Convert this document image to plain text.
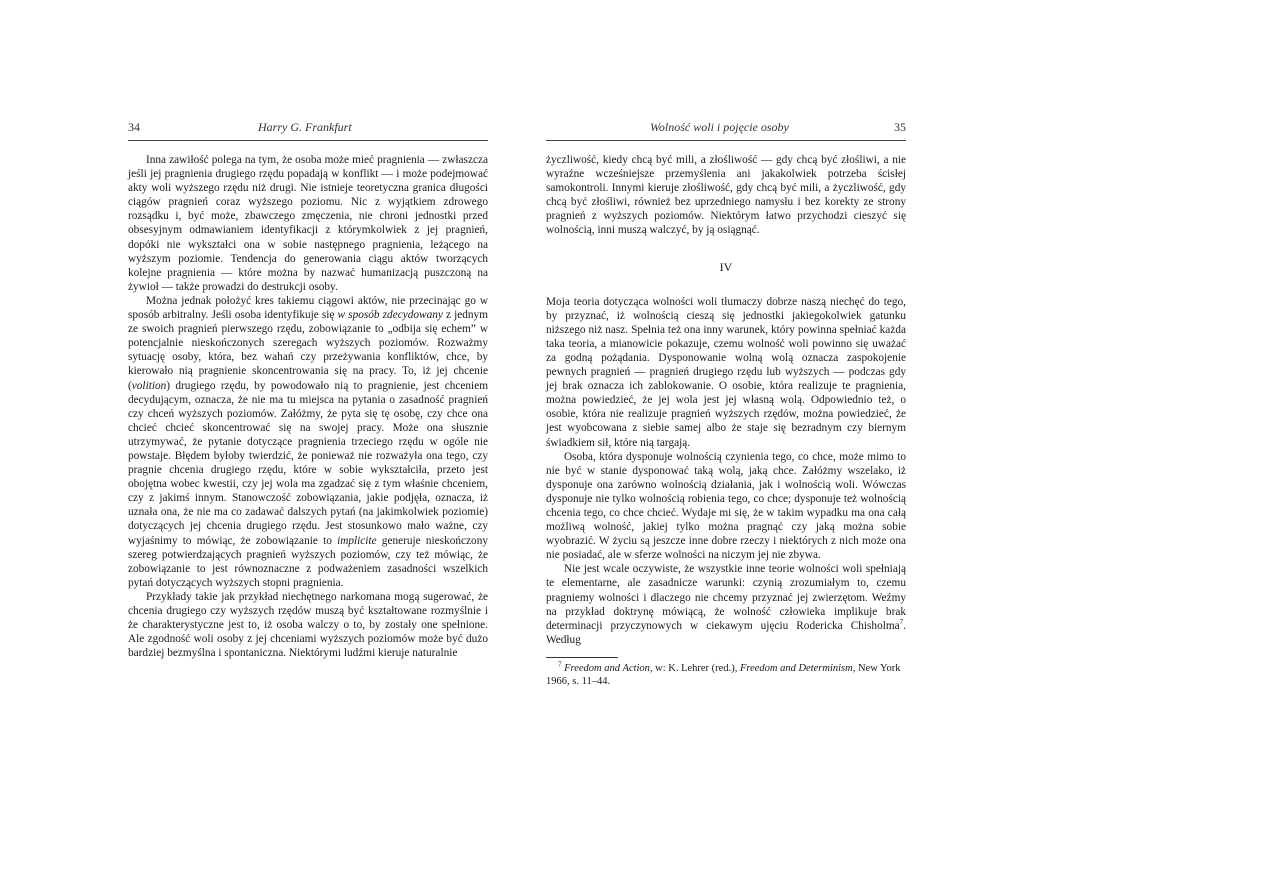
34	Harry G. Frankfurt

Inna zawiłość polega na tym, że osoba może mieć pragnienia — zwłaszcza jeśli jej pragnienia drugiego rzędu popadają w konflikt — i może podejmować akty woli wyższego rzędu niż drugi. Nie istnieje teoretyczna granica długości ciągów pragnień coraz wyższego poziomu. Nic z wyjątkiem zdrowego rozsądku i, być może, zbawczego zmęczenia, nie chroni jednostki przed obsesyjnym odmawianiem identyfikacji z którymkolwiek z jej pragnień, dopóki nie wykształci ona w sobie następnego pragnienia, leżącego na wyższym poziomie. Tendencja do generowania ciągu aktów tworzących kolejne pragnienia — które można by nazwać humanizacją puszczoną na żywioł — także prowadzi do destrukcji osoby.

Można jednak położyć kres takiemu ciągowi aktów, nie przecinając go w sposób arbitralny. Jeśli osoba identyfikuje się w sposób zdecydowany z jednym ze swoich pragnień pierwszego rzędu, zobowiązanie to „odbija się echem” w potencjalnie nieskończonych szeregach wyższych poziomów. Rozważmy sytuację osoby, która, bez wahań czy przeżywania konfliktów, chce, by kierowało nią pragnienie skoncentrowania się na pracy. To, iż jej chcenie (volition) drugiego rzędu, by powodowało nią to pragnienie, jest chceniem decydującym, oznacza, że nie ma tu miejsca na pytania o zasadność pragnień czy chceń wyższych poziomów. Załóżmy, że pyta się tę osobę, czy chce ona chcieć chcieć skoncentrować się na swojej pracy. Może ona słusznie utrzymywać, że pytanie dotyczące pragnienia trzeciego rzędu w ogóle nie powstaje. Błędem byłoby twierdzić, że ponieważ nie rozważyła ona tego, czy pragnie chcenia drugiego rzędu, które w sobie wykształciła, przeto jest obojętna wobec kwestii, czy jej wola ma zgadzać się z tym właśnie chceniem, czy z jakimś innym. Stanowczość zobowiązania, jakie podjęła, oznacza, iż uznała ona, że nie ma co zadawać dalszych pytań (na jakimkolwiek poziomie) dotyczących jej chcenia drugiego rzędu. Jest stosunkowo mało ważne, czy wyjaśnimy to mówiąc, że zobowiązanie to implicite generuje nieskończony szereg potwierdzających pragnień wyższych poziomów, czy też mówiąc, że zobowiązanie to jest równoznaczne z podważeniem zasadności wszelkich pytań dotyczących wyższych stopni pragnienia.

Przykłady takie jak przykład niechętnego narkomana mogą sugerować, że chcenia drugiego czy wyższych rzędów muszą być kształtowane rozmyślnie i że charakterystyczne jest to, iż osoba walczy o to, by zostały one spełnione. Ale zgodność woli osoby z jej chceniami wyższych poziomów może być dużo bardziej bezmyślna i spontaniczna. Niektórymi ludźmi kieruje naturalnie

Wolność woli i pojęcie osoby	35

życzliwość, kiedy chcą być mili, a złośliwość — gdy chcą być złośliwi, a nie wyraźne wcześniejsze przemyślenia ani jakakolwiek potrzeba ścisłej samokontroli. Innymi kieruje złośliwość, gdy chcą być mili, a życzliwość, gdy chcą być złośliwi, również bez uprzedniego namysłu i bez korekty ze strony pragnień z wyższych poziomów. Niektórym łatwo przychodzi cieszyć się wolnością, inni muszą walczyć, by ją osiągnąć.

IV

Moja teoria dotycząca wolności woli tłumaczy dobrze naszą niechęć do tego, by przyznać, iż wolnością cieszą się jednostki jakiegokolwiek gatunku niższego niż nasz. Spełnia też ona inny warunek, który powinna spełniać każda taka teoria, a mianowicie pokazuje, czemu wolność woli powinno się uważać za godną pożądania. Dysponowanie wolną wolą oznacza zaspokojenie pewnych pragnień — pragnień drugiego rzędu lub wyższych — podczas gdy jej brak oznacza ich zablokowanie. O osobie, która realizuje te pragnienia, można powiedzieć, że jej wola jest jej własną wolą. Odpowiednio też, o osobie, która nie realizuje pragnień wyższych rzędów, można powiedzieć, że jest wyobcowana z siebie samej albo że staje się bezradnym czy biernym świadkiem sił, które nią targają.

Osoba, która dysponuje wolnością czynienia tego, co chce, może mimo to nie być w stanie dysponować taką wolą, jaką chce. Załóżmy wszelako, iż dysponuje ona zarówno wolnością działania, jak i wolnością woli. Wówczas dysponuje nie tylko wolnością robienia tego, co chce; dysponuje też wolnością chcenia tego, co chce chcieć. Wydaje mi się, że w takim wypadku ma ona całą możliwą wolność, jakiej tylko można pragnąć czy jaką można sobie wyobrazić. W życiu są jeszcze inne dobre rzeczy i niektórych z nich może ona nie posiadać, ale w sferze wolności na niczym jej nie zbywa.

Nie jest wcale oczywiste, że wszystkie inne teorie wolności woli spełniają te elementarne, ale zasadnicze warunki: czynią zrozumiałym to, czemu pragniemy wolności i dlaczego nie chcemy przyznać jej zwierzętom. Weźmy na przykład doktrynę mówiącą, że wolność człowieka implikuje brak determinacji przyczynowych w ciekawym ujęciu Rodericka Chisholma$^7$. Według

$^7$ Freedom and Action, w: K. Lehrer (red.), Freedom and Determinism, New York 1966, s. 11–44.
